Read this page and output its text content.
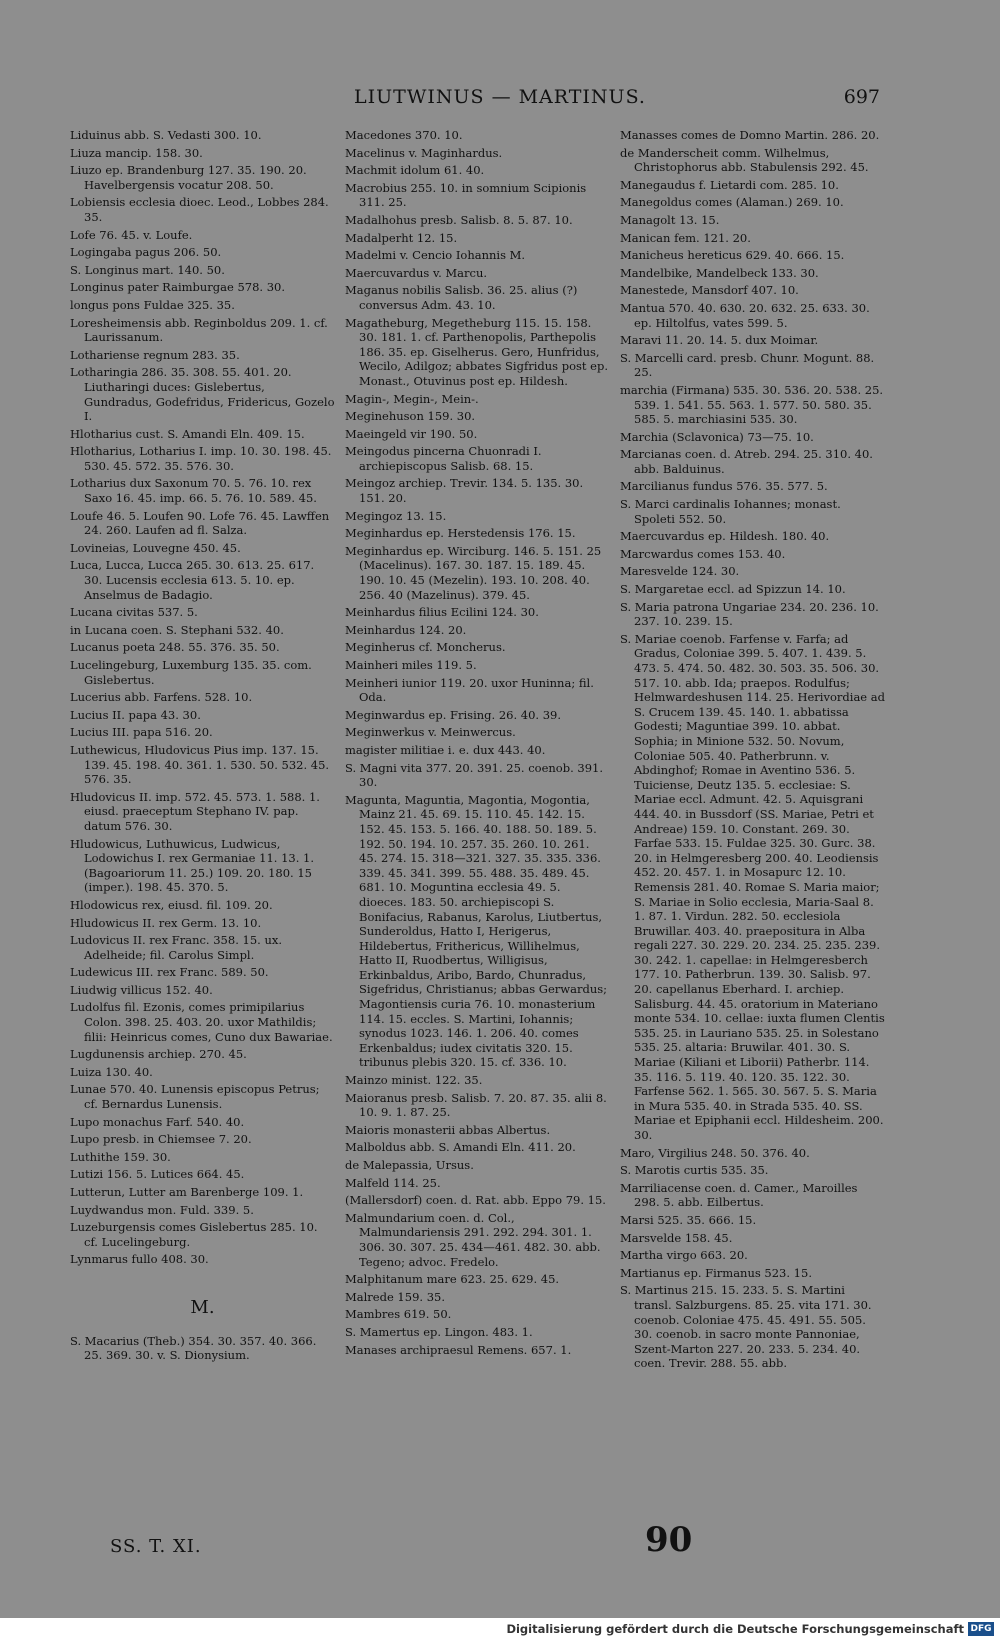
LIUTWINUS — MARTINUS.	697
Liduinus abb. S. Vedasti 300. 10.
Liuza mancip. 158. 30.
Liuzo ep. Brandenburg 127. 35. 190. 20. Havelbergensis vocatur 208. 50.
Lobiensis ecclesia dioec. Leod., Lobbes 284. 35.
Lofe 76. 45. v. Loufe.
Logingaba pagus 206. 50.
S. Longinus mart. 140. 50.
Longinus pater Raimburgae 578. 30.
longus pons Fuldae 325. 35.
Loresheimensis abb. Reginboldus 209. 1. cf. Laurissanum.
Lothariense regnum 283. 35.
Lotharingia 286. 35. 308. 55. 401. 20. Liutharingi duces: Gislebertus, Gundradus, Godefridus, Fridericus, Gozelo I.
Hlotharius cust. S. Amandi Eln. 409. 15.
Hlotharius, Lotharius I. imp. 10. 30. 198. 45. 530. 45. 572. 35. 576. 30.
Lotharius dux Saxonum 70. 5. 76. 10. rex Saxo 16. 45. imp. 66. 5. 76. 10. 589. 45.
Loufe 46. 5. Loufen 90. Lofe 76. 45. Lawffen 24. 260. Laufen ad fl. Salza.
Lovineias, Louvegne 450. 45.
Luca, Lucca, Lucca 265. 30. 613. 25. 617. 30. Lucensis ecclesia 613. 5. 10. ep. Anselmus de Badagio.
Lucana civitas 537. 5.
in Lucana coen. S. Stephani 532. 40.
Lucanus poeta 248. 55. 376. 35. 50.
Lucelingeburg, Luxemburg 135. 35. com. Gislebertus.
Lucerius abb. Farfens. 528. 10.
Lucius II. papa 43. 30.
Lucius III. papa 516. 20.
Luthewicus, Hludovicus Pius imp. 137. 15. 139. 45. 198. 40. 361. 1. 530. 50. 532. 45. 576. 35.
Hludovicus II. imp. 572. 45. 573. 1. 588. 1. eiusd. praeceptum Stephano IV. pap. datum 576. 30.
Hludowicus, Luthuwicus, Ludwicus, Lodowichus I. rex Germaniae 11. 13. 1. (Bagoariorum 11. 25.) 109. 20. 180. 15 (imper.). 198. 45. 370. 5.
Hlodowicus rex, eiusd. fil. 109. 20.
Hludowicus II. rex Germ. 13. 10.
Ludovicus II. rex Franc. 358. 15. ux. Adelheide; fil. Carolus Simpl.
Ludewicus III. rex Franc. 589. 50.
Liudwig villicus 152. 40.
Ludolfus fil. Ezonis, comes primipilarius Colon. 398. 25. 403. 20. uxor Mathildis; filii: Heinricus comes, Cuno dux Bawariae.
Lugdunensis archiep. 270. 45.
Luiza 130. 40.
Lunae 570. 40. Lunensis episcopus Petrus; cf. Bernardus Lunensis.
Lupo monachus Farf. 540. 40.
Lupo presb. in Chiemsee 7. 20.
Luthithe 159. 30.
Lutizi 156. 5. Lutices 664. 45.
Lutterun, Lutter am Barenberge 109. 1.
Luydwandus mon. Fuld. 339. 5.
Luzeburgensis comes Gislebertus 285. 10. cf. Lucelingeburg.
Lynmarus fullo 408. 30.
M.
S. Macarius (Theb.) 354. 30. 357. 40. 366. 25. 369. 30. v. S. Dionysium.
Macedones 370. 10.
Macelinus v. Maginhardus.
Machmit idolum 61. 40.
Macrobius 255. 10. in somnium Scipionis 311. 25.
Madalhohus presb. Salisb. 8. 5. 87. 10.
Madalperht 12. 15.
Madelmi v. Cencio Iohannis M.
Maercuvardus v. Marcu.
Maganus nobilis Salisb. 36. 25. alius (?) conversus Adm. 43. 10.
Magatheburg, Megetheburg 115. 15. 158. 30. 181. 1. cf. Parthenopolis, Parthepolis 186. 35. ep. Giselherus. Gero, Hunfridus, Wecilo, Adilgoz; abbates Sigfridus post ep. Monast., Otuvinus post ep. Hildesh.
Magin-, Megin-, Mein-.
Meginehuson 159. 30.
Maeingeld vir 190. 50.
Meingodus pincerna Chuonradi I. archiepiscopus Salisb. 68. 15.
Meingoz archiep. Trevir. 134. 5. 135. 30. 151. 20.
Megingoz 13. 15.
Meginhardus ep. Herstedensis 176. 15.
Meginhardus ep. Wirciburg. 146. 5. 151. 25 (Macelinus). 167. 30. 187. 15. 189. 45. 190. 10. 45 (Mezelin). 193. 10. 208. 40. 256. 40 (Mazelinus). 379. 45.
Meinhardus filius Ecilini 124. 30.
Meinhardus 124. 20.
Meginherus cf. Moncherus.
Mainheri miles 119. 5.
Meinheri iunior 119. 20. uxor Huninna; fil. Oda.
Meginwardus ep. Frising. 26. 40. 39.
Meginwerkus v. Meinwercus.
magister militiae i. e. dux 443. 40.
S. Magni vita 377. 20. 391. 25. coenob. 391. 30.
Magunta, Maguntia, Magontia, Mogontia, Mainz 21. 45. 69. 15. 110. 45. 142. 15. 152. 45. 153. 5. 166. 40. 188. 50. 189. 5. 192. 50. 194. 10. 257. 35. 260. 10. 261. 45. 274. 15. 318—321. 327. 35. 335. 336. 339. 45. 341. 399. 55. 488. 35. 489. 45. 681. 10. Moguntina ecclesia 49. 5. dioeces. 183. 50. archiepiscopi S. Bonifacius, Rabanus, Karolus, Liutbertus, Sunderoldus, Hatto I, Herigerus, Hildebertus, Frithericus, Willihelmus, Hatto II, Ruodbertus, Willigisus, Erkinbaldus, Aribo, Bardo, Chunradus, Sigefridus, Christianus; abbas Gerwardus; Magontiensis curia 76. 10. monasterium 114. 15. eccles. S. Martini, Iohannis; synodus 1023. 146. 1. 206. 40. comes Erkenbaldus; iudex civitatis 320. 15. tribunus plebis 320. 15. cf. 336. 10.
Mainzo minist. 122. 35.
Maioranus presb. Salisb. 7. 20. 87. 35. alii 8. 10. 9. 1. 87. 25.
Maioris monasterii abbas Albertus.
Malboldus abb. S. Amandi Eln. 411. 20.
de Malepassia, Ursus.
Malfeld 114. 25.
(Mallersdorf) coen. d. Rat. abb. Eppo 79. 15.
Malmundarium coen. d. Col., Malmundariensis 291. 292. 294. 301. 1. 306. 30. 307. 25. 434—461. 482. 30. abb. Tegeno; advoc. Fredelo.
Malphitanum mare 623. 25. 629. 45.
Malrede 159. 35.
Mambres 619. 50.
S. Mamertus ep. Lingon. 483. 1.
Manases archipraesul Remens. 657. 1.
Manasses comes de Domno Martin. 286. 20.
de Manderscheit comm. Wilhelmus, Christophorus abb. Stabulensis 292. 45.
Manegaudus f. Lietardi com. 285. 10.
Manegoldus comes (Alaman.) 269. 10.
Managolt 13. 15.
Manican fem. 121. 20.
Manicheus hereticus 629. 40. 666. 15.
Mandelbike, Mandelbeck 133. 30.
Manestede, Mansdorf 407. 10.
Mantua 570. 40. 630. 20. 632. 25. 633. 30. ep. Hiltolfus, vates 599. 5.
Maravi 11. 20. 14. 5. dux Moimar.
S. Marcelli card. presb. Chunr. Mogunt. 88. 25.
marchia (Firmana) 535. 30. 536. 20. 538. 25. 539. 1. 541. 55. 563. 1. 577. 50. 580. 35. 585. 5. marchiasini 535. 30.
Marchia (Sclavonica) 73—75. 10.
Marcianas coen. d. Atreb. 294. 25. 310. 40. abb. Balduinus.
Marcilianus fundus 576. 35. 577. 5.
S. Marci cardinalis Iohannes; monast. Spoleti 552. 50.
Maercuvardus ep. Hildesh. 180. 40.
Marcwardus comes 153. 40.
Maresvelde 124. 30.
S. Margaretae eccl. ad Spizzun 14. 10.
S. Maria patrona Ungariae 234. 20. 236. 10. 237. 10. 239. 15.
S. Mariae coenob. Farfense v. Farfa; ad Gradus, Coloniae 399. 5. 407. 1. 439. 5. 473. 5. 474. 50. 482. 30. 503. 35. 506. 30. 517. 10. abb. Ida; praepos. Rodulfus; Helmwardeshusen 114. 25. Herivordiae ad S. Crucem 139. 45. 140. 1. abbatissa Godesti; Maguntiae 399. 10. abbat. Sophia; in Minione 532. 50. Novum, Coloniae 505. 40. Patherbrunn. v. Abdinghof; Romae in Aventino 536. 5. Tuiciense, Deutz 135. 5. ecclesiae: S. Mariae eccl. Admunt. 42. 5. Aquisgrani 444. 40. in Bussdorf (SS. Mariae, Petri et Andreae) 159. 10. Constant. 269. 30. Farfae 533. 15. Fuldae 325. 30. Gurc. 38. 20. in Helmgeresberg 200. 40. Leodiensis 452. 20. 457. 1. in Mosapurc 12. 10. Remensis 281. 40. Romae S. Maria maior; S. Mariae in Solio ecclesia, Maria-Saal 8. 1. 87. 1. Virdun. 282. 50. ecclesiola Bruwillar. 403. 40. praepositura in Alba regali 227. 30. 229. 20. 234. 25. 235. 239. 30. 242. 1. capellae: in Helmgeresberch 177. 10. Patherbrun. 139. 30. Salisb. 97. 20. capellanus Eberhard. I. archiep. Salisburg. 44. 45. oratorium in Materiano monte 534. 10. cellae: iuxta flumen Clentis 535. 25. in Lauriano 535. 25. in Solestano 535. 25. altaria: Bruwilar. 401. 30. S. Mariae (Kiliani et Liborii) Patherbr. 114. 35. 116. 5. 119. 40. 120. 35. 122. 30. Farfense 562. 1. 565. 30. 567. 5. S. Maria in Mura 535. 40. in Strada 535. 40. SS. Mariae et Epiphanii eccl. Hildesheim. 200. 30.
Maro, Virgilius 248. 50. 376. 40.
S. Marotis curtis 535. 35.
Marriliacense coen. d. Camer., Maroilles 298. 5. abb. Eilbertus.
Marsi 525. 35. 666. 15.
Marsvelde 158. 45.
Martha virgo 663. 20.
Martianus ep. Firmanus 523. 15.
S. Martinus 215. 15. 233. 5. S. Martini transl. Salzburgens. 85. 25. vita 171. 30. coenob. Coloniae 475. 45. 491. 55. 505. 30. coenob. in sacro monte Pannoniae, Szent-Marton 227. 20. 233. 5. 234. 40. coen. Trevir. 288. 55. abb.
SS. T. XI.	90
Digitalisierung gefördert durch die Deutsche Forschungsgemeinschaft DFG
